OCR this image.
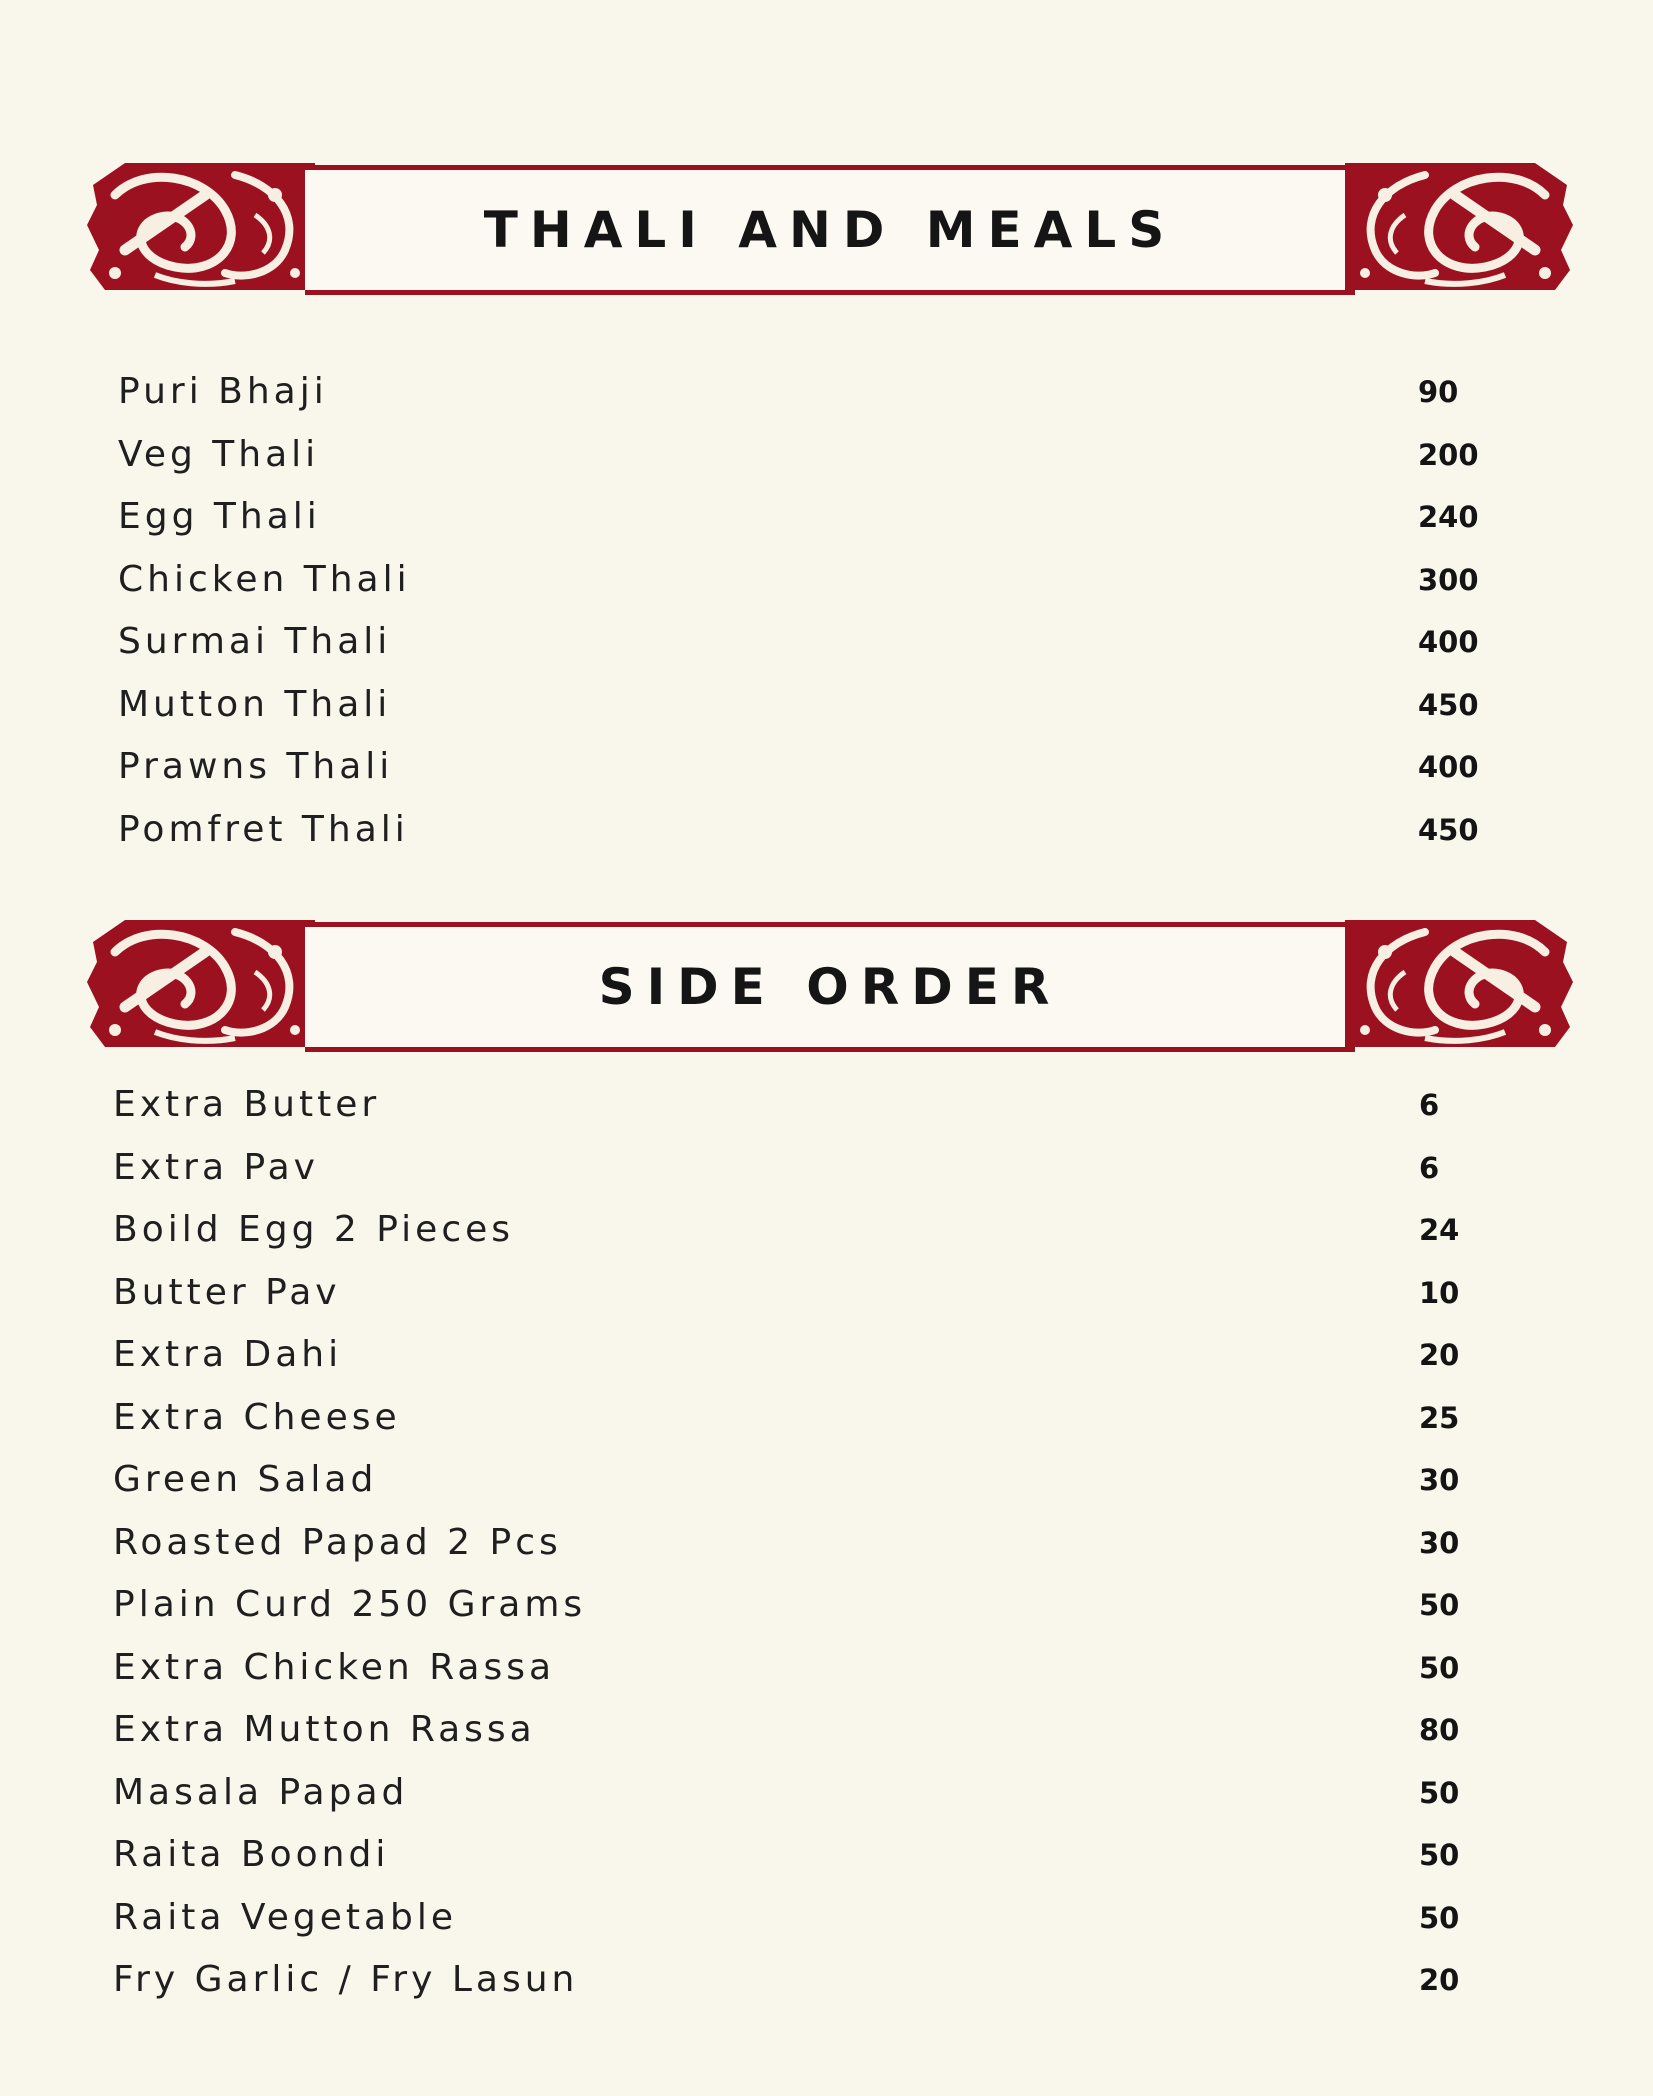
THALI AND MEALS
Puri Bhaji	90
Veg Thali	200
Egg Thali	240
Chicken Thali	300
Surmai Thali	400
Mutton Thali	450
Prawns Thali	400
Pomfret Thali	450
SIDE ORDER
Extra Butter	6
Extra Pav	6
Boild Egg 2 Pieces	24
Butter Pav	10
Extra Dahi	20
Extra Cheese	25
Green Salad	30
Roasted Papad 2 Pcs	30
Plain Curd 250 Grams	50
Extra Chicken Rassa	50
Extra Mutton Rassa	80
Masala Papad	50
Raita Boondi	50
Raita Vegetable	50
Fry Garlic / Fry Lasun	20
